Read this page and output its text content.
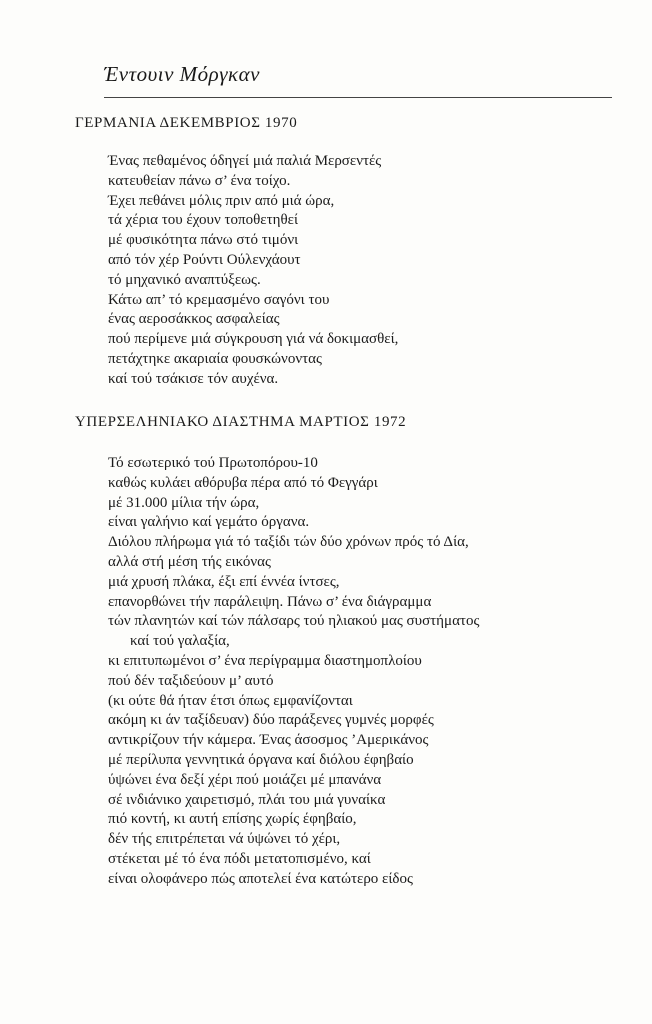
Έντουιν Μόργκαν
ΓΕΡΜΑΝΙΑ ΔΕΚΕΜΒΡΙΟΣ 1970
Ένας πεθαμένος όδηγεί μιά παλιά Μερσεντές
κατευθείαν πάνω σ’ ένα τοίχο.
Έχει πεθάνει μόλις πριν από μιά ώρα,
τά χέρια του έχουν τοποθετηθεί
μέ φυσικότητα πάνω στό τιμόνι
από τόν χέρ Ρούντι Ούλενχάουτ
τό μηχανικό αναπτύξεως.
Κάτω απ’ τό κρεμασμένο σαγόνι του
ένας αεροσάκκος ασφαλείας
πού περίμενε μιά σύγκρουση γιά νά δοκιμασθεί,
πετάχτηκε ακαριαία φουσκώνοντας
καί τού τσάκισε τόν αυχένα.
ΥΠΕΡΣΕΛΗΝΙΑΚΟ ΔΙΑΣΤΗΜΑ ΜΑΡΤΙΟΣ 1972
Τό εσωτερικό τού Πρωτοπόρου-10
καθώς κυλάει αθόρυβα πέρα από τό Φεγγάρι
μέ 31.000 μίλια τήν ώρα,
είναι γαλήνιο καί γεμάτο όργανα.
Διόλου πλήρωμα γιά τό ταξίδι τών δύο χρόνων πρός τό Δία,
αλλά στή μέση τής εικόνας
μιά χρυσή πλάκα, έξι επί έννέα ίντσες,
επανορθώνει τήν παράλειψη. Πάνω σ’ ένα διάγραμμα
τών πλανητών καί τών πάλσαρς τού ηλιακού μας συστήματος
καί τού γαλαξία,
κι επιτυπωμένοι σ’ ένα περίγραμμα διαστημοπλοίου
πού δέν ταξιδεύουν μ’ αυτό
(κι ούτε θά ήταν έτσι όπως εμφανίζονται
ακόμη κι άν ταξίδευαν) δύο παράξενες γυμνές μορφές
αντικρίζουν τήν κάμερα. Ένας άσοσμος ’Αμερικάνος
μέ περίλυπα γεννητικά όργανα καί διόλου έφηβαίο
ύψώνει ένα δεξί χέρι πού μοιάζει μέ μπανάνα
σέ ινδιάνικο χαιρετισμό, πλάι του μιά γυναίκα
πιό κοντή, κι αυτή επίσης χωρίς έφηβαίο,
δέν τής επιτρέπεται νά ύψώνει τό χέρι,
στέκεται μέ τό ένα πόδι μετατοπισμένο, καί
είναι ολοφάνερο πώς αποτελεί ένα κατώτερο είδος
